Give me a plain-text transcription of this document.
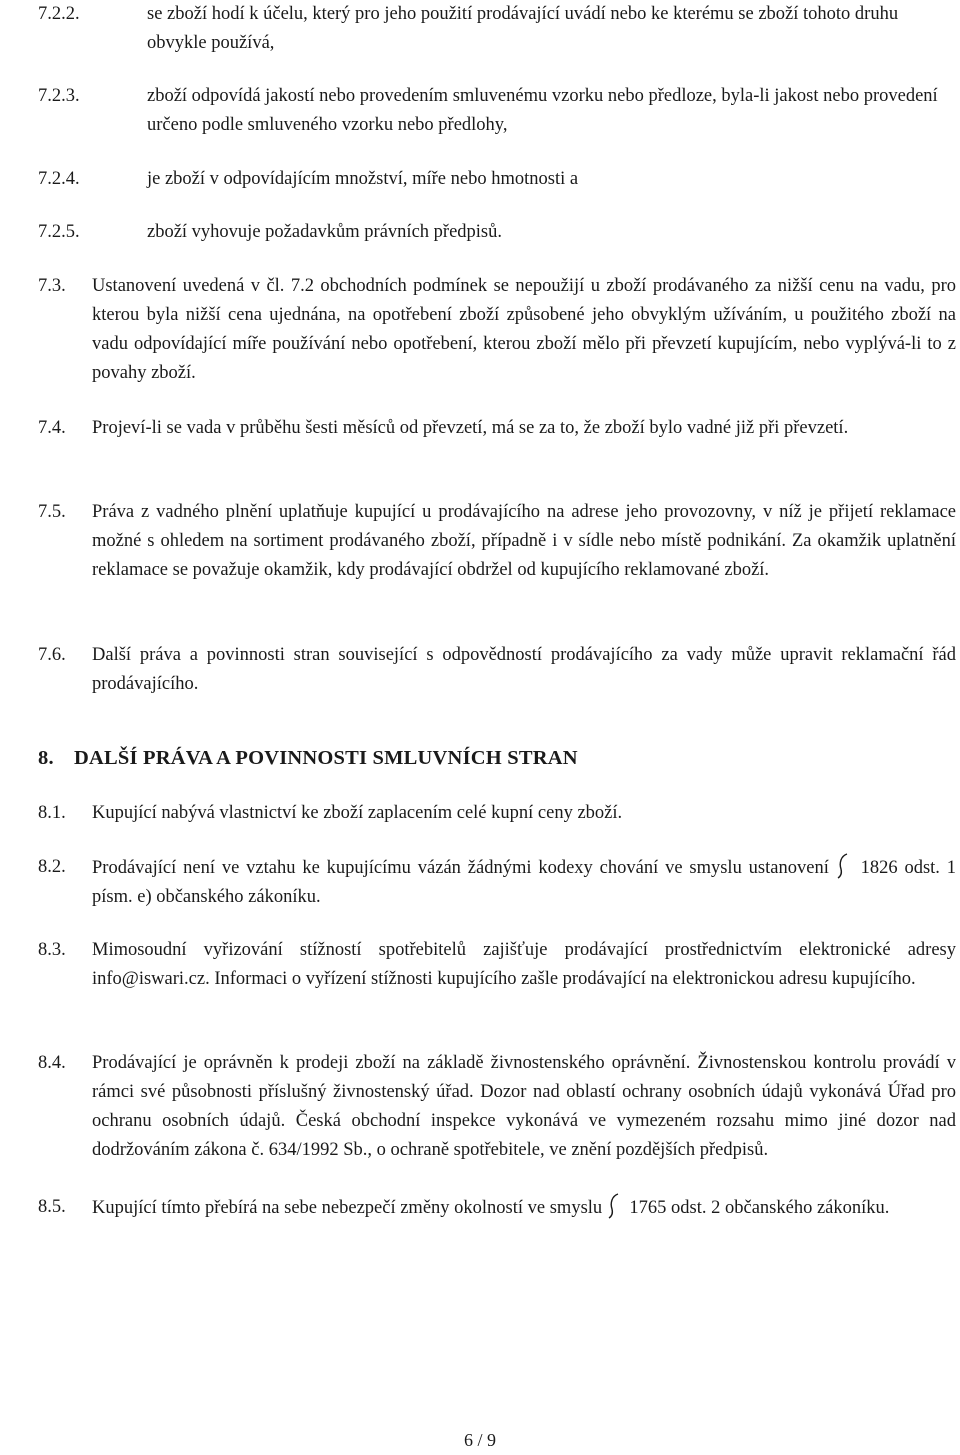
7.2.2.	se zboží hodí k účelu, který pro jeho použití prodávající uvádí nebo ke kterému se zboží tohoto druhu obvykle používá,

7.2.3.	zboží odpovídá jakostí nebo provedením smluvenému vzorku nebo předloze, byla-li jakost nebo provedení určeno podle smluveného vzorku nebo předlohy,

7.2.4.	je zboží v odpovídajícím množství, míře nebo hmotnosti a

7.2.5.	zboží vyhovuje požadavkům právních předpisů.

7.3.	Ustanovení uvedená v čl. 7.2 obchodních podmínek se nepoužijí u zboží prodávaného za nižší cenu na vadu, pro kterou byla nižší cena ujednána, na opotřebení zboží způsobené jeho obvyklým užíváním, u použitého zboží na vadu odpovídající míře používání nebo opotřebení, kterou zboží mělo při převzetí kupujícím, nebo vyplývá-li to z povahy zboží.

7.4.	Projeví-li se vada v průběhu šesti měsíců od převzetí, má se za to, že zboží bylo vadné již při převzetí.

7.5.	Práva z vadného plnění uplatňuje kupující u prodávajícího na adrese jeho provozovny, v níž je přijetí reklamace možné s ohledem na sortiment prodávaného zboží, případně i v sídle nebo místě podnikání. Za okamžik uplatnění reklamace se považuje okamžik, kdy prodávající obdržel od kupujícího reklamované zboží.

7.6.	Další práva a povinnosti stran související s odpovědností prodávajícího za vady může upravit reklamační řád prodávajícího.

8. DALŠÍ PRÁVA A POVINNOSTI SMLUVNÍCH STRAN

8.1.	Kupující nabývá vlastnictví ke zboží zaplacením celé kupní ceny zboží.

8.2.	Prodávající není ve vztahu ke kupujícímu vázán žádnými kodexy chování ve smyslu ustanovení 1826 odst. 1 písm. e) občanského zákoníku.

8.3.	Mimosoudní vyřizování stížností spotřebitelů zajišťuje prodávající prostřednictvím elektronické adresy info@iswari.cz. Informaci o vyřízení stížnosti kupujícího zašle prodávající na elektronickou adresu kupujícího.

8.4.	Prodávající je oprávněn k prodeji zboží na základě živnostenského oprávnění. Živnostenskou kontrolu provádí v rámci své působnosti příslušný živnostenský úřad. Dozor nad oblastí ochrany osobních údajů vykonává Úřad pro ochranu osobních údajů. Česká obchodní inspekce vykonává ve vymezeném rozsahu mimo jiné dozor nad dodržováním zákona č. 634/1992 Sb., o ochraně spotřebitele, ve znění pozdějších předpisů.

8.5.	Kupující tímto přebírá na sebe nebezpečí změny okolností ve smyslu 1765 odst. 2 občanského zákoníku.

6 / 9
